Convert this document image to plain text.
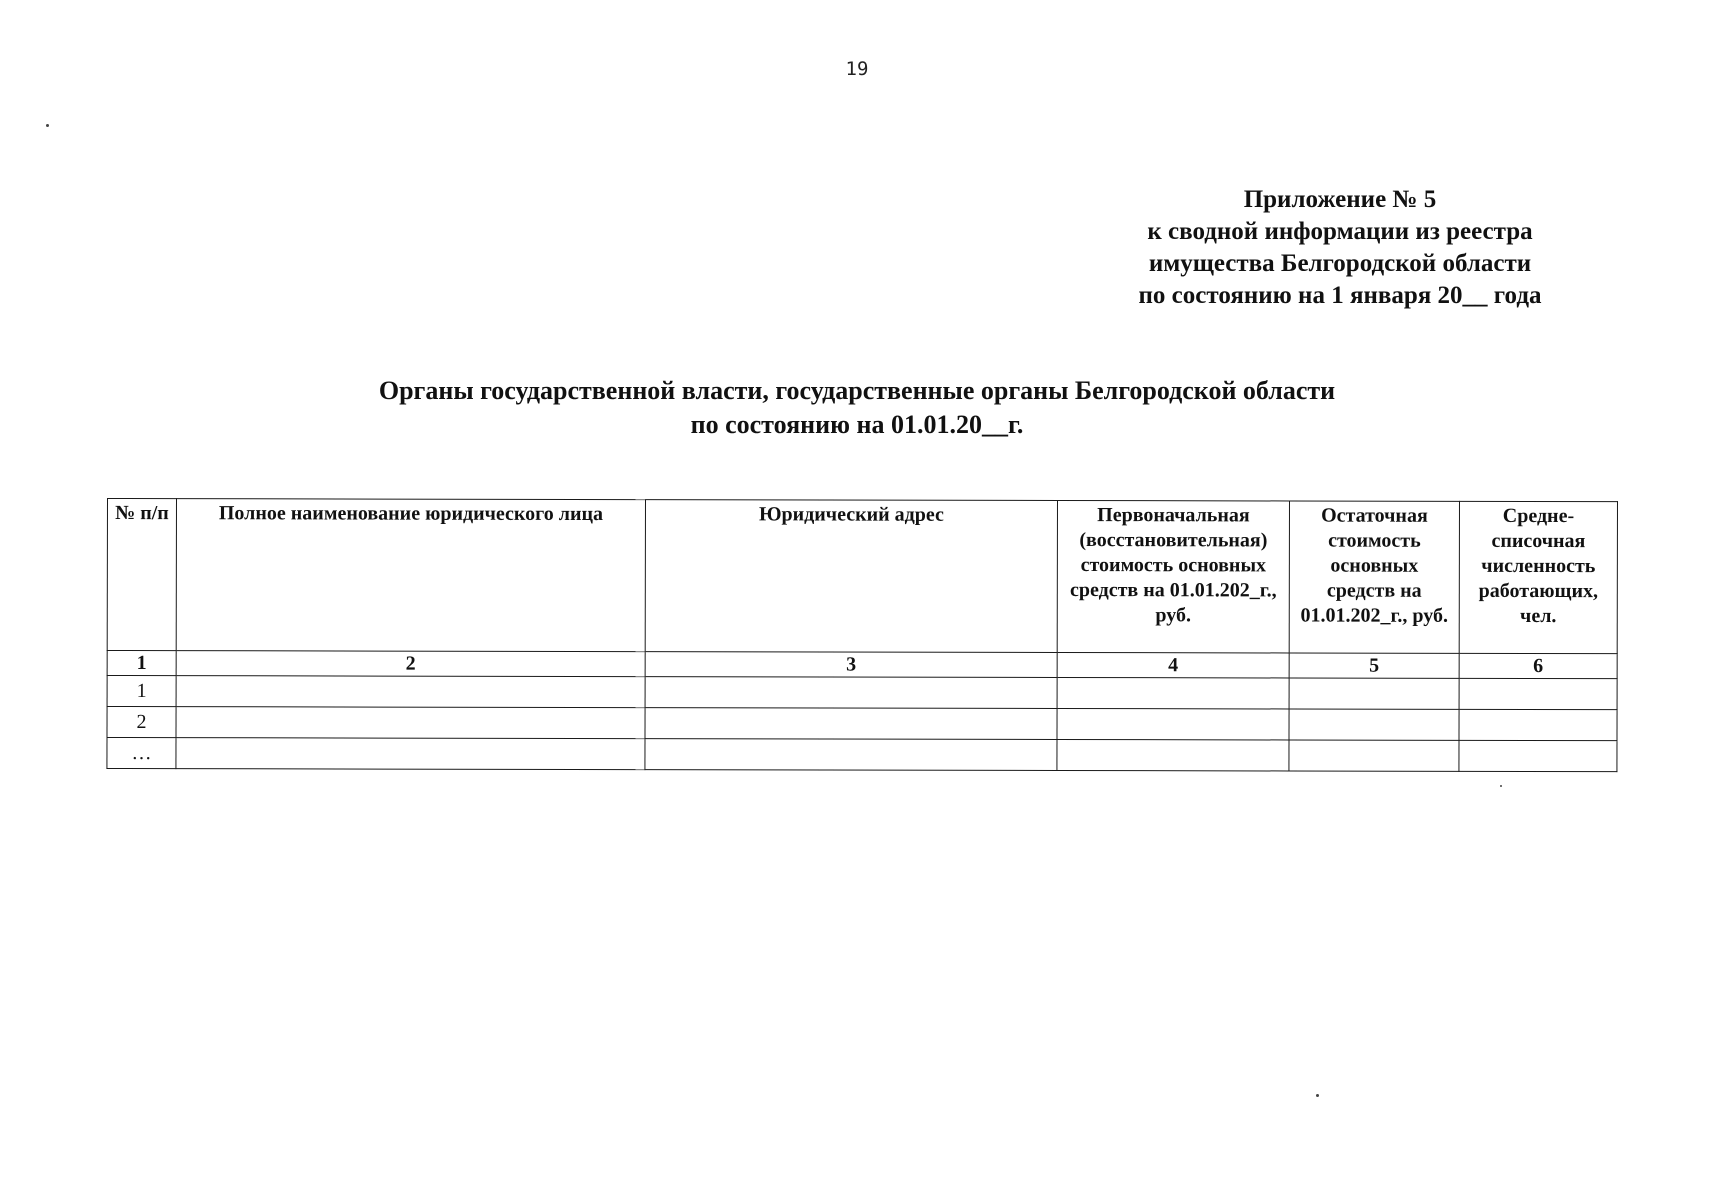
19
Приложение № 5
к сводной информации из реестра
имущества Белгородской области
по состоянию на 1 января 20__ года
Органы государственной власти, государственные органы Белгородской области
по состоянию на 01.01.20__г.
№ п/п	Полное наименование юридического лица	Юридический адрес	Первоначальная (восстановительная) стоимость основных средств на 01.01.202_г., руб.	Остаточная стоимость основных средств на 01.01.202_г., руб.	Средне-списочная численность работающих, чел.
1	2	3	4	5	6
1					
2					
…					
